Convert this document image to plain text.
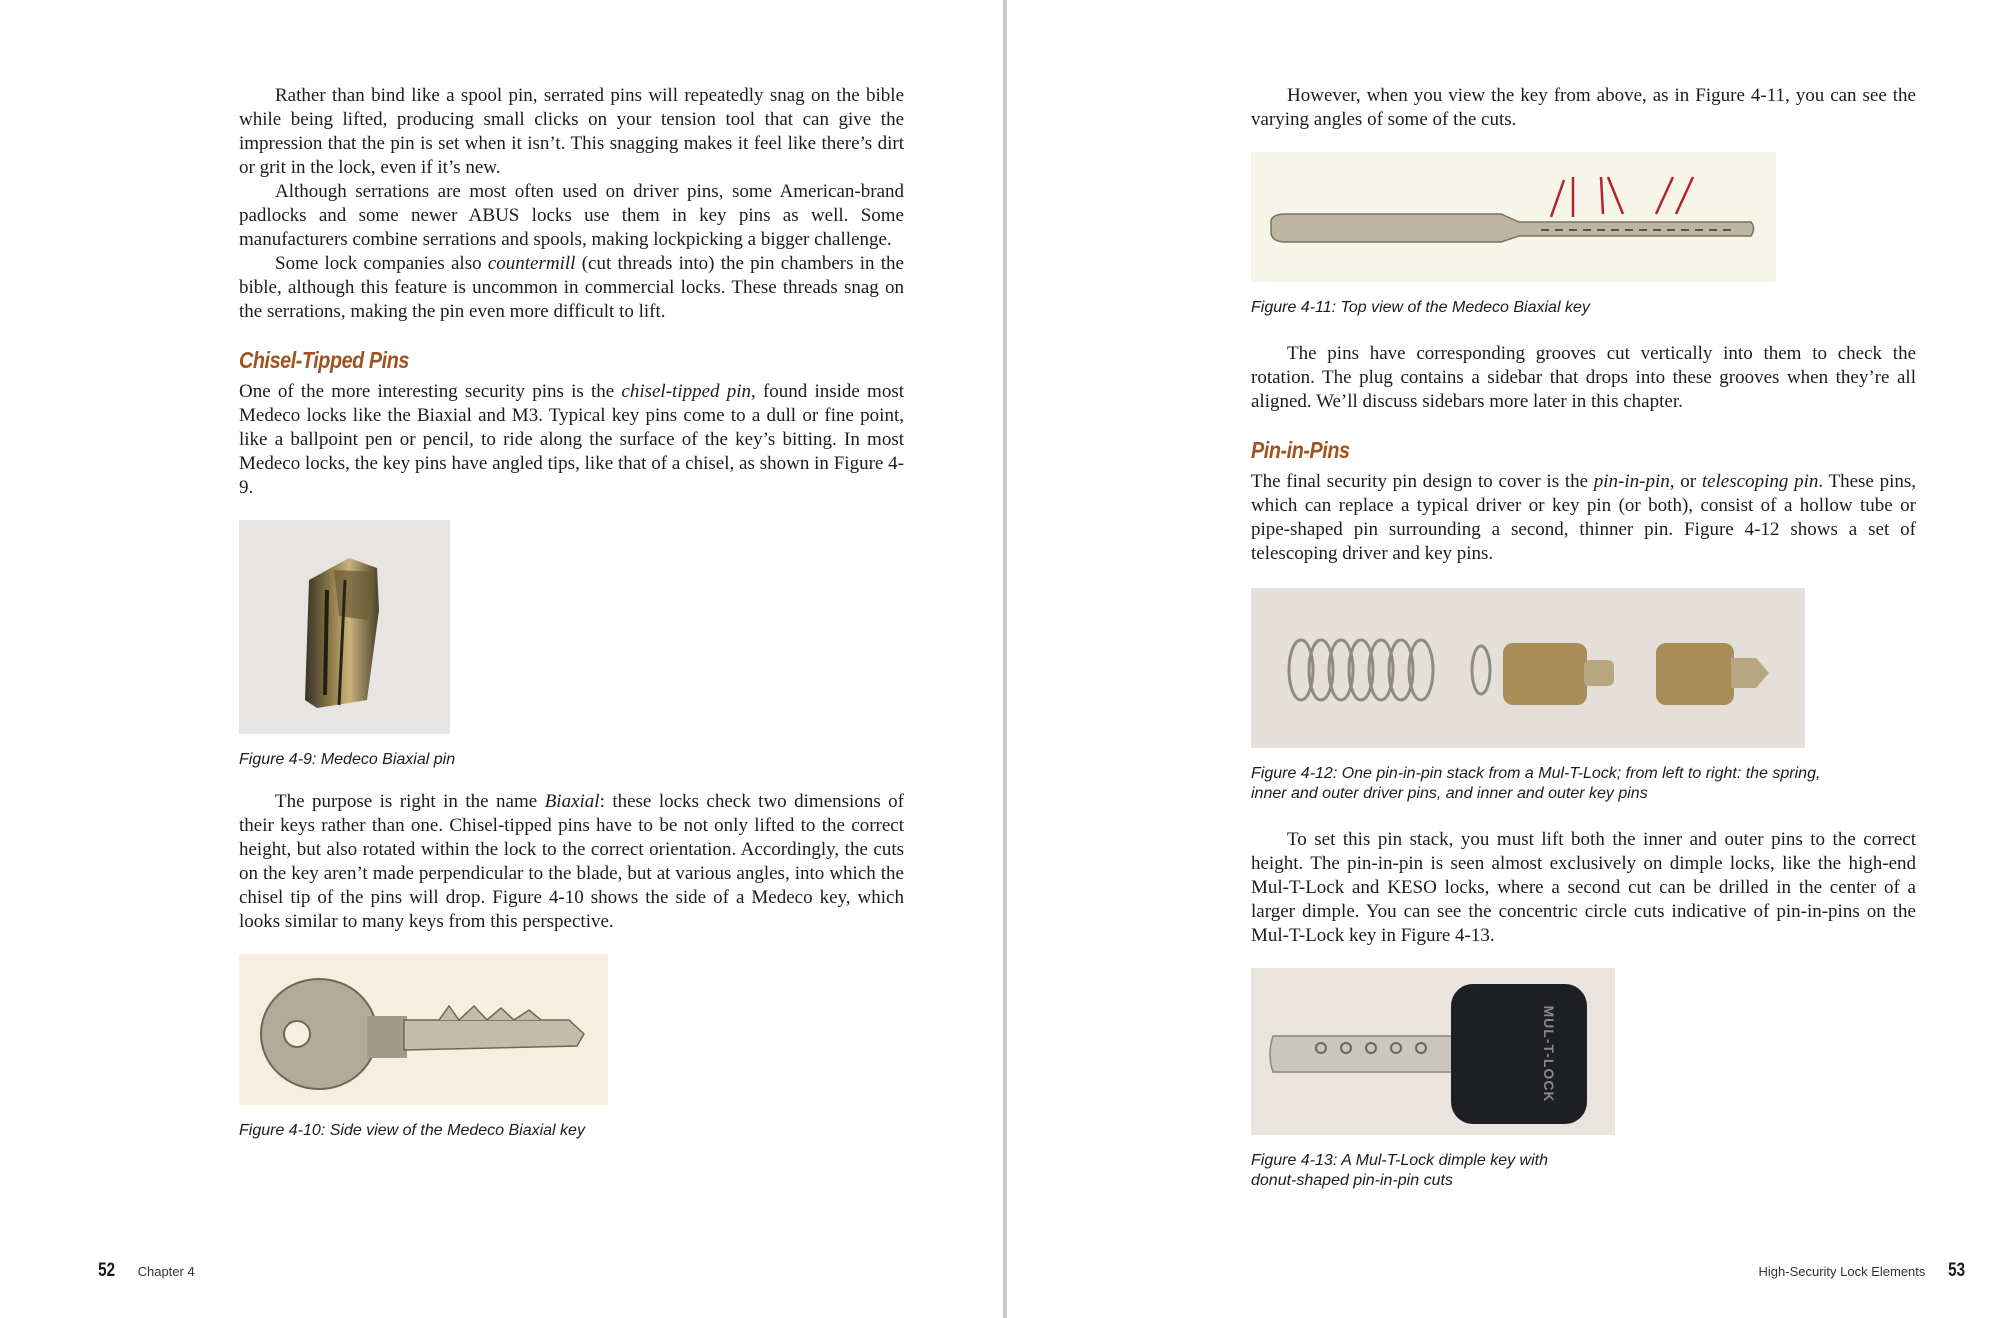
Rather than bind like a spool pin, serrated pins will repeatedly snag on the bible while being lifted, producing small clicks on your tension tool that can give the impression that the pin is set when it isn’t. This snagging makes it feel like there’s dirt or grit in the lock, even if it’s new.

Although serrations are most often used on driver pins, some American-brand padlocks and some newer ABUS locks use them in key pins as well. Some manufacturers combine serrations and spools, making lockpicking a bigger challenge.

Some lock companies also countermill (cut threads into) the pin chambers in the bible, although this feature is uncommon in commercial locks. These threads snag on the serrations, making the pin even more difficult to lift.

Chisel-Tipped Pins

One of the more interesting security pins is the chisel-tipped pin, found inside most Medeco locks like the Biaxial and M3. Typical key pins come to a dull or fine point, like a ballpoint pen or pencil, to ride along the surface of the key’s bitting. In most Medeco locks, the key pins have angled tips, like that of a chisel, as shown in Figure 4-9.

Figure 4-9: Medeco Biaxial pin

The purpose is right in the name Biaxial: these locks check two dimensions of their keys rather than one. Chisel-tipped pins have to be not only lifted to the correct height, but also rotated within the lock to the correct orientation. Accordingly, the cuts on the key aren’t made perpendicular to the blade, but at various angles, into which the chisel tip of the pins will drop. Figure 4-10 shows the side of a Medeco key, which looks similar to many keys from this perspective.

Figure 4-10: Side view of the Medeco Biaxial key

52 Chapter 4

However, when you view the key from above, as in Figure 4-11, you can see the varying angles of some of the cuts.

Figure 4-11: Top view of the Medeco Biaxial key

The pins have corresponding grooves cut vertically into them to check the rotation. The plug contains a sidebar that drops into these grooves when they’re all aligned. We’ll discuss sidebars more later in this chapter.

Pin-in-Pins

The final security pin design to cover is the pin-in-pin, or telescoping pin. These pins, which can replace a typical driver or key pin (or both), consist of a hollow tube or pipe-shaped pin surrounding a second, thinner pin. Figure 4-12 shows a set of telescoping driver and key pins.

Figure 4-12: One pin-in-pin stack from a Mul-T-Lock; from left to right: the spring,
inner and outer driver pins, and inner and outer key pins

To set this pin stack, you must lift both the inner and outer pins to the correct height. The pin-in-pin is seen almost exclusively on dimple locks, like the high-end Mul-T-Lock and KESO locks, where a second cut can be drilled in the center of a larger dimple. You can see the concentric circle cuts indicative of pin-in-pins on the Mul-T-Lock key in Figure 4-13.

MUL-T-LOCK

Figure 4-13: A Mul-T-Lock dimple key with
donut-shaped pin-in-pin cuts

High-Security Lock Elements 53
